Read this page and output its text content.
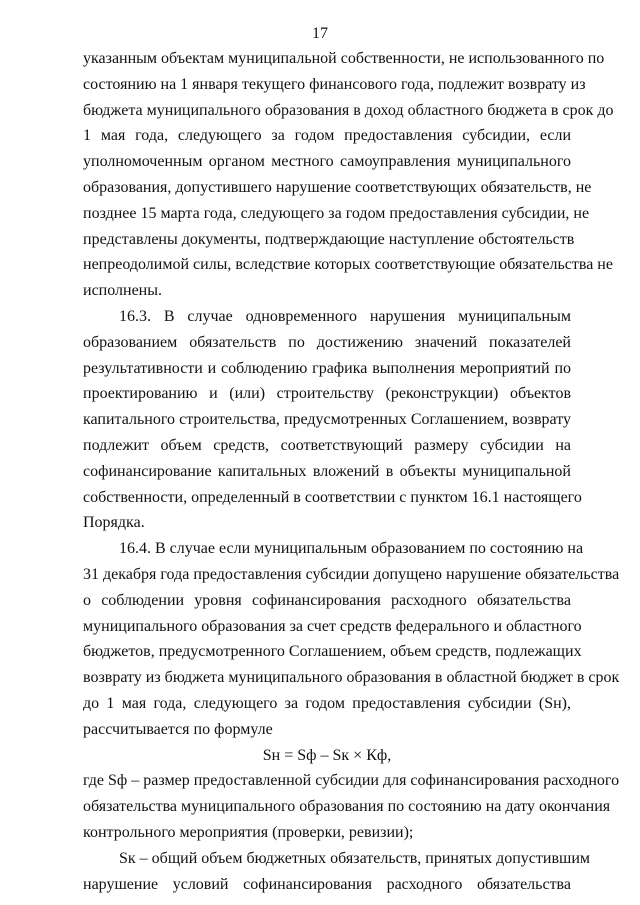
17
указанным объектам муниципальной собственности, не использованного по
состоянию на 1 января текущего финансового года, подлежит возврату из
бюджета муниципального образования в доход областного бюджета в срок до
1 мая года, следующего за годом предоставления субсидии, если
уполномоченным органом местного самоуправления муниципального
образования, допустившего нарушение соответствующих обязательств, не
позднее 15 марта года, следующего за годом предоставления субсидии, не
представлены документы, подтверждающие наступление обстоятельств
непреодолимой силы, вследствие которых соответствующие обязательства не
исполнены.
16.3. В случае одновременного нарушения муниципальным
образованием обязательств по достижению значений показателей
результативности и соблюдению графика выполнения мероприятий по
проектированию и (или) строительству (реконструкции) объектов
капитального строительства, предусмотренных Соглашением, возврату
подлежит объем средств, соответствующий размеру субсидии на
софинансирование капитальных вложений в объекты муниципальной
собственности, определенный в соответствии с пунктом 16.1 настоящего
Порядка.
16.4. В случае если муниципальным образованием по состоянию на
31 декабря года предоставления субсидии допущено нарушение обязательства
о соблюдении уровня софинансирования расходного обязательства
муниципального образования за счет средств федерального и областного
бюджетов, предусмотренного Соглашением, объем средств, подлежащих
возврату из бюджета муниципального образования в областной бюджет в срок
до 1 мая года, следующего за годом предоставления субсидии (Sн),
рассчитывается по формуле
Sн = Sф – Sк × Кф,
где Sф – размер предоставленной субсидии для софинансирования расходного
обязательства муниципального образования по состоянию на дату окончания
контрольного мероприятия (проверки, ревизии);
Sк – общий объем бюджетных обязательств, принятых допустившим
нарушение условий софинансирования расходного обязательства
